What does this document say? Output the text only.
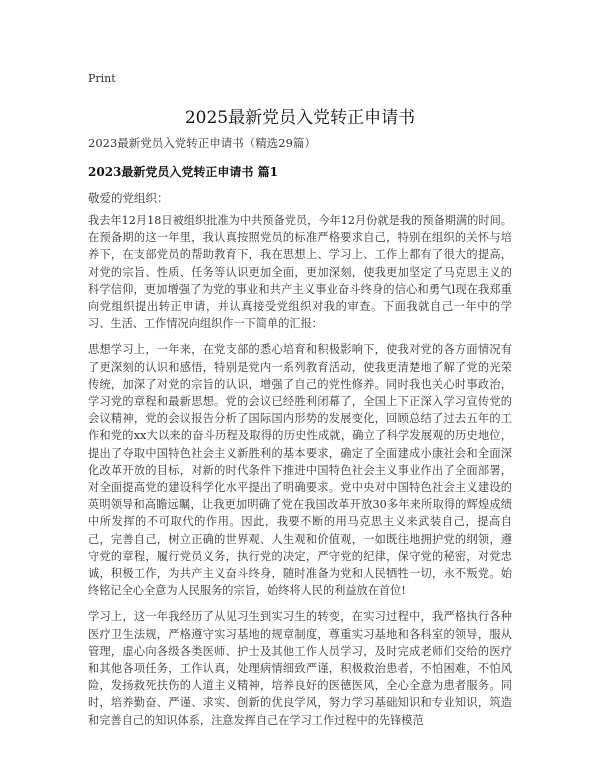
Print
2025最新党员入党转正申请书
2023最新党员入党转正申请书（精选29篇）
2023最新党员入党转正申请书 篇1
敬爱的党组织：

我去年12月18日被组织批准为中共预备党员，今年12月份就是我的预备期满的时间。在预备期的这一年里，我认真按照党员的标准严格要求自己，特别在组织的关怀与培养下，在支部党员的帮助教育下，我在思想上、学习上、工作上都有了很大的提高，对党的宗旨、性质、任务等认识更加全面，更加深刻，使我更加坚定了马克思主义的科学信仰，更加增强了为党的事业和共产主义事业奋斗终身的信心和勇气l现在我郑重向党组织提出转正申请，并认真接受党组织对我的审查。下面我就自己一年中的学习、生活、工作情况向组织作一下简单的汇报：

思想学习上，一年来，在党支部的悉心培育和积极影响下，使我对党的各方面情况有了更深刻的认识和感悟，特别是党内一系列教育活动，使我更清楚地了解了党的光荣传统，加深了对党的宗旨的认识，增强了自己的党性修养。同时我也关心时事政治，学习党的章程和最新思想。党的会议已经胜利闭幕了，全国上下正深入学习宣传党的会议精神，党的会议报告分析了国际国内形势的发展变化，回顾总结了过去五年的工作和党的xx大以来的奋斗历程及取得的历史性成就，确立了科学发展观的历史地位，提出了夺取中国特色社会主义新胜利的基本要求，确定了全面建成小康社会和全面深化改革开放的目标，对新的时代条件下推进中国特色社会主义事业作出了全面部署，对全面提高党的建设科学化水平提出了明确要求。党中央对中国特色社会主义建设的英明领导和高瞻远瞩，让我更加明确了党在我国改革开放30多年来所取得的辉煌成绩中所发挥的不可取代的作用。因此，我要不断的用马克思主义来武装自己，提高自己，完善自己，树立正确的世界观、人生观和价值观，一如既往地拥护党的纲领，遵守党的章程，履行党员义务，执行党的决定，严守党的纪律，保守党的秘密，对党忠诚，积极工作，为共产主义奋斗终身，随时准备为党和人民牺牲一切，永不叛党。始终铭记全心全意为人民服务的宗旨，始终将人民的利益放在首位!

学习上，这一年我经历了从见习生到实习生的转变，在实习过程中，我严格执行各种医疗卫生法规，严格遵守实习基地的规章制度，尊重实习基地和各科室的领导，服从管理，虚心向各级各类医师、护士及其他工作人员学习，及时完成老师们交给的医疗和其他各项任务，工作认真，处理病情细致严谨，积极救治患者，不怕困难，不怕风险，发扬救死扶伤的人道主义精神，培养良好的医德医风，全心全意为患者服务。同时，培养勤奋、严谨、求实、创新的优良学风，努力学习基础知识和专业知识，筑造和完善自己的知识体系，注意发挥自己在学习工作过程中的先锋模范
